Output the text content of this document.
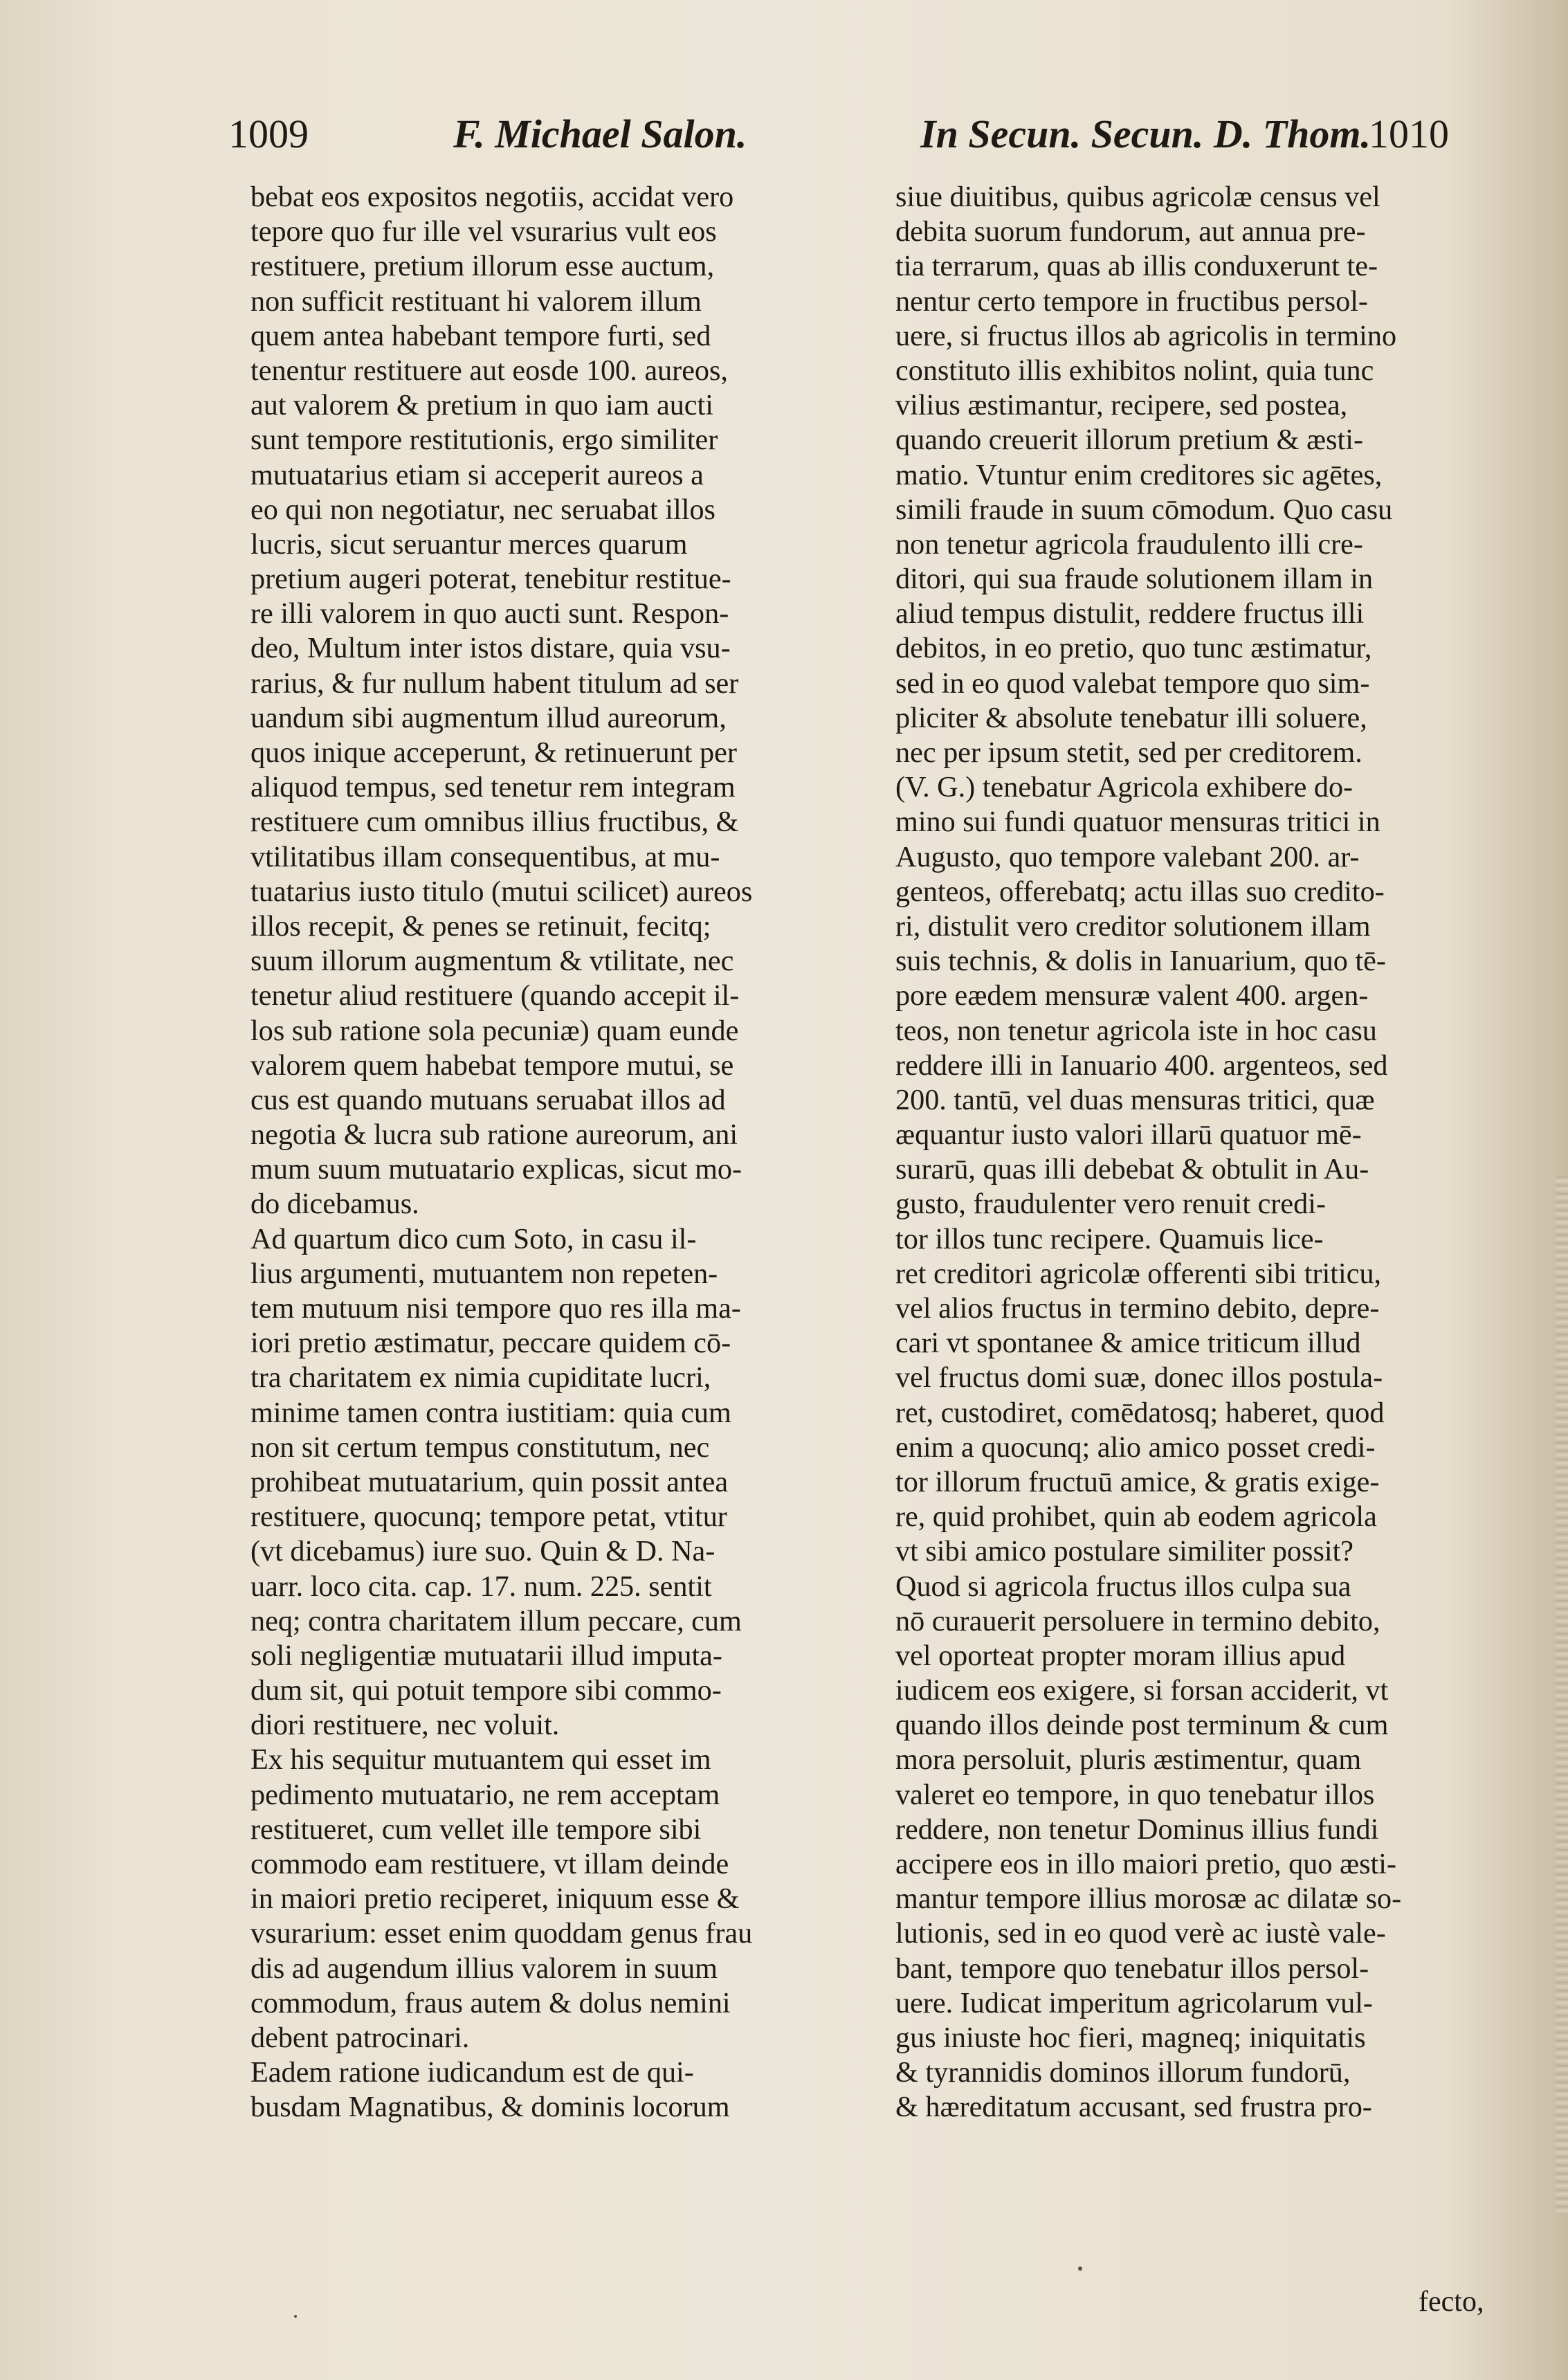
1009	F. Michael Salon.	In Secun. Secun. D. Thom.
1010
bebat eos expositos negotiis, accidat vero
tepore quo fur ille vel vsurarius vult eos
restituere, pretium illorum esse auctum,
non sufficit restituant hi valorem illum
quem antea habebant tempore furti, sed
tenentur restituere aut eosde 100. aureos,
aut valorem & pretium in quo iam aucti
sunt tempore restitutionis, ergo similiter
mutuatarius etiam si acceperit aureos a
eo qui non negotiatur, nec seruabat illos
lucris, sicut seruantur merces quarum
pretium augeri poterat, tenebitur restitue-
re illi valorem in quo aucti sunt. Respon-
deo, Multum inter istos distare, quia vsu-
rarius, & fur nullum habent titulum ad ser
uandum sibi augmentum illud aureorum,
quos inique acceperunt, & retinuerunt per
aliquod tempus, sed tenetur rem integram
restituere cum omnibus illius fructibus, &
vtilitatibus illam consequentibus, at mu-
tuatarius iusto titulo (mutui scilicet) aureos
illos recepit, & penes se retinuit, fecitq;
suum illorum augmentum & vtilitate, nec
tenetur aliud restituere (quando accepit il-
los sub ratione sola pecuniæ) quam eunde
valorem quem habebat tempore mutui, se
cus est quando mutuans seruabat illos ad
negotia & lucra sub ratione aureorum, ani
mum suum mutuatario explicas, sicut mo-
do dicebamus.
Ad quartum dico cum Soto, in casu il-
lius argumenti, mutuantem non repeten-
tem mutuum nisi tempore quo res illa ma-
iori pretio æstimatur, peccare quidem cō-
tra charitatem ex nimia cupiditate lucri,
minime tamen contra iustitiam: quia cum
non sit certum tempus constitutum, nec
prohibeat mutuatarium, quin possit antea
restituere, quocunq; tempore petat, vtitur
(vt dicebamus) iure suo. Quin & D. Na-
uarr. loco cita. cap. 17. num. 225. sentit
neq; contra charitatem illum peccare, cum
soli negligentiæ mutuatarii illud imputa-
dum sit, qui potuit tempore sibi commo-
diori restituere, nec voluit.
Ex his sequitur mutuantem qui esset im
pedimento mutuatario, ne rem acceptam
restitueret, cum vellet ille tempore sibi
commodo eam restituere, vt illam deinde
in maiori pretio reciperet, iniquum esse &
vsurarium: esset enim quoddam genus frau
dis ad augendum illius valorem in suum
commodum, fraus autem & dolus nemini
debent patrocinari.
Eadem ratione iudicandum est de qui-
busdam Magnatibus, & dominis locorum
siue diuitibus, quibus agricolæ census vel
debita suorum fundorum, aut annua pre-
tia terrarum, quas ab illis conduxerunt te-
nentur certo tempore in fructibus persol-
uere, si fructus illos ab agricolis in termino
constituto illis exhibitos nolint, quia tunc
vilius æstimantur, recipere, sed postea,
quando creuerit illorum pretium & æsti-
matio. Vtuntur enim creditores sic agētes,
simili fraude in suum cōmodum. Quo casu
non tenetur agricola fraudulento illi cre-
ditori, qui sua fraude solutionem illam in
aliud tempus distulit, reddere fructus illi
debitos, in eo pretio, quo tunc æstimatur,
sed in eo quod valebat tempore quo sim-
pliciter & absolute tenebatur illi soluere,
nec per ipsum stetit, sed per creditorem.
(V. G.) tenebatur Agricola exhibere do-
mino sui fundi quatuor mensuras tritici in
Augusto, quo tempore valebant 200. ar-
genteos, offerebatq; actu illas suo credito-
ri, distulit vero creditor solutionem illam
suis technis, & dolis in Ianuarium, quo tē-
pore eædem mensuræ valent 400. argen-
teos, non tenetur agricola iste in hoc casu
reddere illi in Ianuario 400. argenteos, sed
200. tantū, vel duas mensuras tritici, quæ
æquantur iusto valori illarū quatuor mē-
surarū, quas illi debebat & obtulit in Au-
gusto, fraudulenter vero renuit credi-
tor illos tunc recipere. Quamuis lice-
ret creditori agricolæ offerenti sibi triticu,
vel alios fructus in termino debito, depre-
cari vt spontanee & amice triticum illud
vel fructus domi suæ, donec illos postula-
ret, custodiret, comēdatosq; haberet, quod
enim a quocunq; alio amico posset credi-
tor illorum fructuū amice, & gratis exige-
re, quid prohibet, quin ab eodem agricola
vt sibi amico postulare similiter possit?
Quod si agricola fructus illos culpa sua
nō curauerit persoluere in termino debito,
vel oporteat propter moram illius apud
iudicem eos exigere, si forsan acciderit, vt
quando illos deinde post terminum & cum
mora persoluit, pluris æstimentur, quam
valeret eo tempore, in quo tenebatur illos
reddere, non tenetur Dominus illius fundi
accipere eos in illo maiori pretio, quo æsti-
mantur tempore illius morosæ ac dilatæ so-
lutionis, sed in eo quod verè ac iustè vale-
bant, tempore quo tenebatur illos persol-
uere. Iudicat imperitum agricolarum vul-
gus iniuste hoc fieri, magneq; iniquitatis
& tyrannidis dominos illorum fundorū,
& hæreditatum accusant, sed frustra pro-
fecto,
